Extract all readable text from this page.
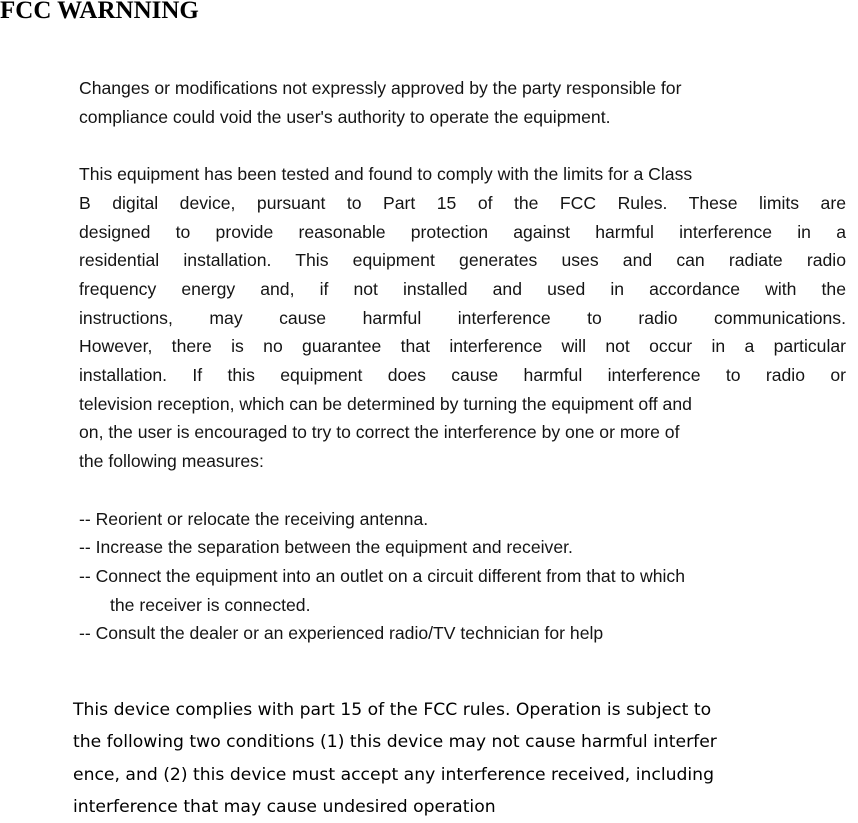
FCC WARNNING

Changes or modifications not expressly approved by the party responsible for
compliance could void the user's authority to operate the equipment.

This equipment has been tested and found to comply with the limits for a Class
B digital device, pursuant to Part 15 of the FCC Rules. These limits are
designed to provide reasonable protection against harmful interference in a
residential installation. This equipment generates uses and can radiate radio
frequency energy and, if not installed and used in accordance with the
instructions, may cause harmful interference to radio communications.
However, there is no guarantee that interference will not occur in a particular
installation. If this equipment does cause harmful interference to radio or
television reception, which can be determined by turning the equipment off and
on, the user is encouraged to try to correct the interference by one or more of
the following measures:

-- Reorient or relocate the receiving antenna.
-- Increase the separation between the equipment and receiver.
-- Connect the equipment into an outlet on a circuit different from that to which
the receiver is connected.
-- Consult the dealer or an experienced radio/TV technician for help

This device complies with part 15 of the FCC rules. Operation is subject to
the following two conditions (1) this device may not cause harmful interfer
ence, and (2) this device must accept any interference received, including
interference that may cause undesired operation
